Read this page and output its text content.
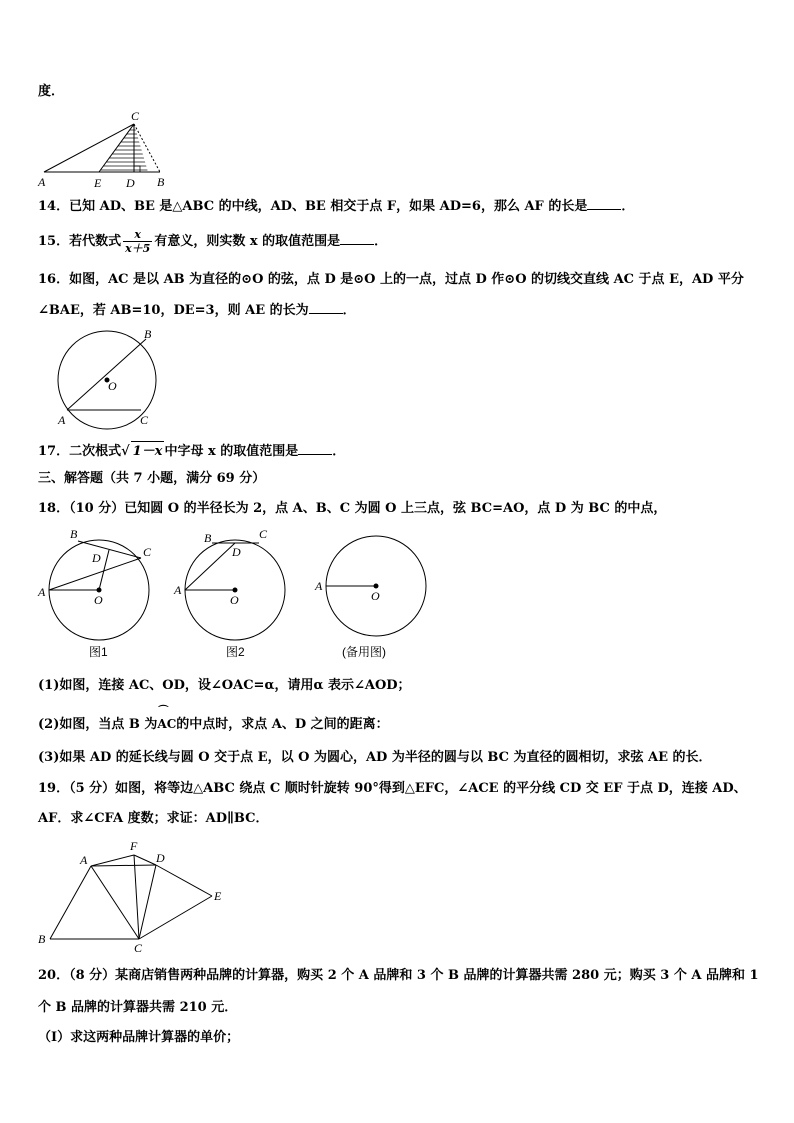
度．
A	E D B
C
14．已知 AD、BE 是△ABC 的中线，AD、BE 相交于点 F，如果 AD=6，那么 AF 的长是	．
15．若代数式 $\frac{x}{x+5}$ 有意义，则实数 x 的取值范围是	．
16．如图，AC 是以 AB 为直径的⊙O 的弦，点 D 是⊙O 上的一点，过点 D 作⊙O 的切线交直线 AC 于点 E，AD 平分
∠BAE，若 AB=10，DE=3，则 AE 的长为	．
A
B
C
O
17．二次根式√ 1－x 中字母 x 的取值范围是	．
三、解答题（共 7 小题，满分 69 分）
18．（10 分）已知圆 O 的半径长为 2，点 A、B、C 为圆 O 上三点，弦 BC=AO，点 D 为 BC 的中点，
A
B
C
D
O
图1
A
B	C
D
O
图2
A
O
(备用图)
(1)如图，连接 AC、OD，设∠OAC=α，请用α 表示∠AOD；
(2)如图，当点 B 为⌒ AC的中点时，求点 A、D 之间的距离：
(3)如果 AD 的延长线与圆 O 交于点 E，以 O 为圆心，AD 为半径的圆与以 BC 为直径的圆相切，求弦 AE 的长．
19．（5 分）如图，将等边△ABC 绕点 C 顺时针旋转 90°得到△EFC，∠ACE 的平分线 CD 交 EF 于点 D，连接 AD、
AF．求∠CFA 度数；求证：AD∥BC．
A
B
C
D
E
F
20．（8 分）某商店销售两种品牌的计算器，购买 2 个 A 品牌和 3 个 B 品牌的计算器共需 280 元；购买 3 个 A 品牌和 1
个 B 品牌的计算器共需 210 元．
（Ⅰ）求这两种品牌计算器的单价；
